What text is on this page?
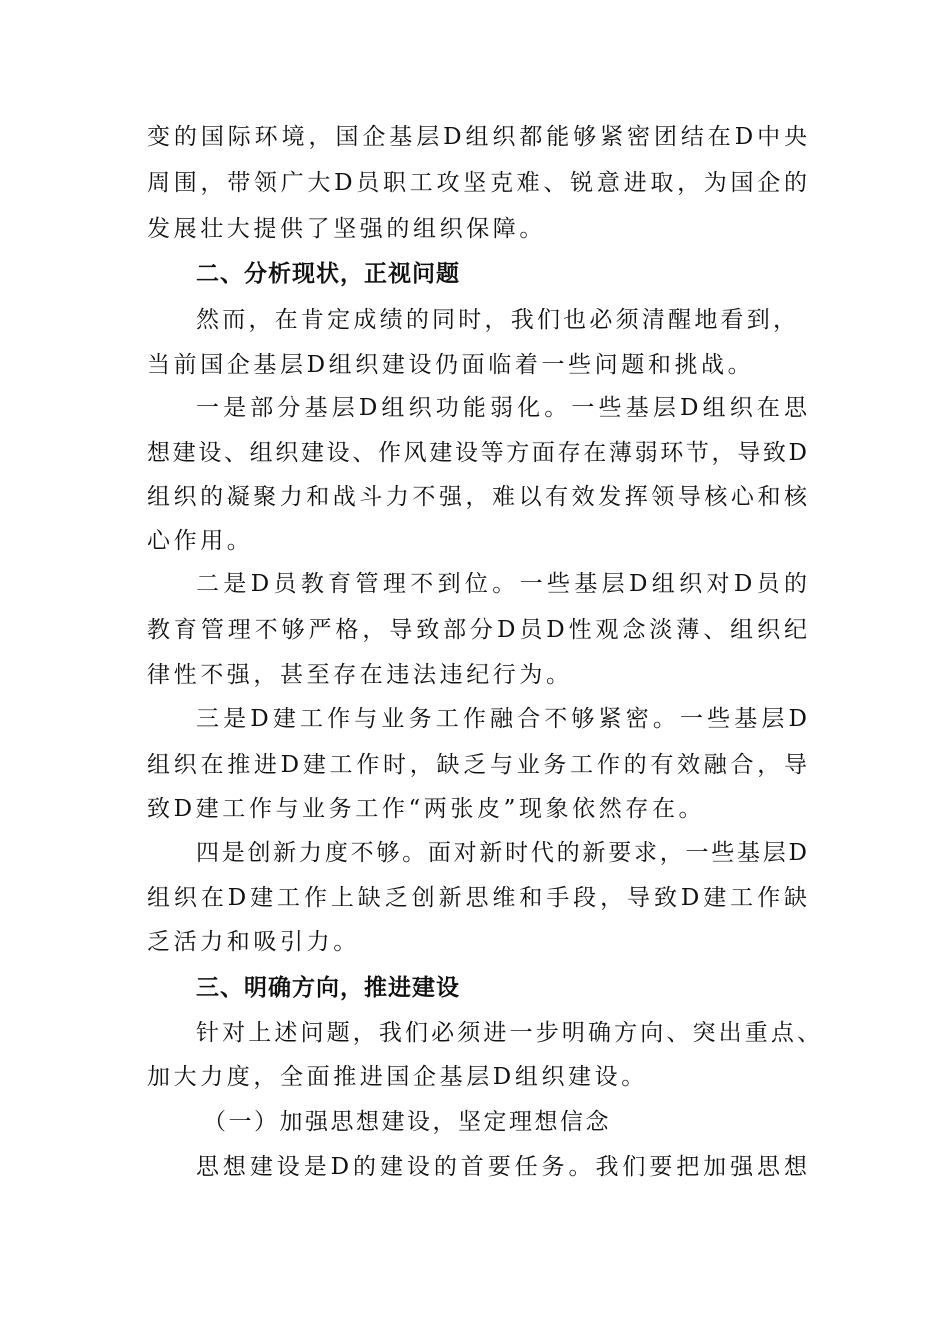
变的国际环境，国企基层D组织都能够紧密团结在D中央
周围，带领广大D员职工攻坚克难、锐意进取，为国企的
发展壮大提供了坚强的组织保障。
二、分析现状，正视问题
然而，在肯定成绩的同时，我们也必须清醒地看到，
当前国企基层D组织建设仍面临着一些问题和挑战。
一是部分基层D组织功能弱化。一些基层D组织在思
想建设、组织建设、作风建设等方面存在薄弱环节，导致D
组织的凝聚力和战斗力不强，难以有效发挥领导核心和核
心作用。
二是D员教育管理不到位。一些基层D组织对D员的
教育管理不够严格，导致部分D员D性观念淡薄、组织纪
律性不强，甚至存在违法违纪行为。
三是D建工作与业务工作融合不够紧密。一些基层D
组织在推进D建工作时，缺乏与业务工作的有效融合，导
致D建工作与业务工作“两张皮”现象依然存在。
四是创新力度不够。面对新时代的新要求，一些基层D
组织在D建工作上缺乏创新思维和手段，导致D建工作缺
乏活力和吸引力。
三、明确方向，推进建设
针对上述问题，我们必须进一步明确方向、突出重点、
加大力度，全面推进国企基层D组织建设。
（一）加强思想建设，坚定理想信念
思想建设是D的建设的首要任务。我们要把加强思想
